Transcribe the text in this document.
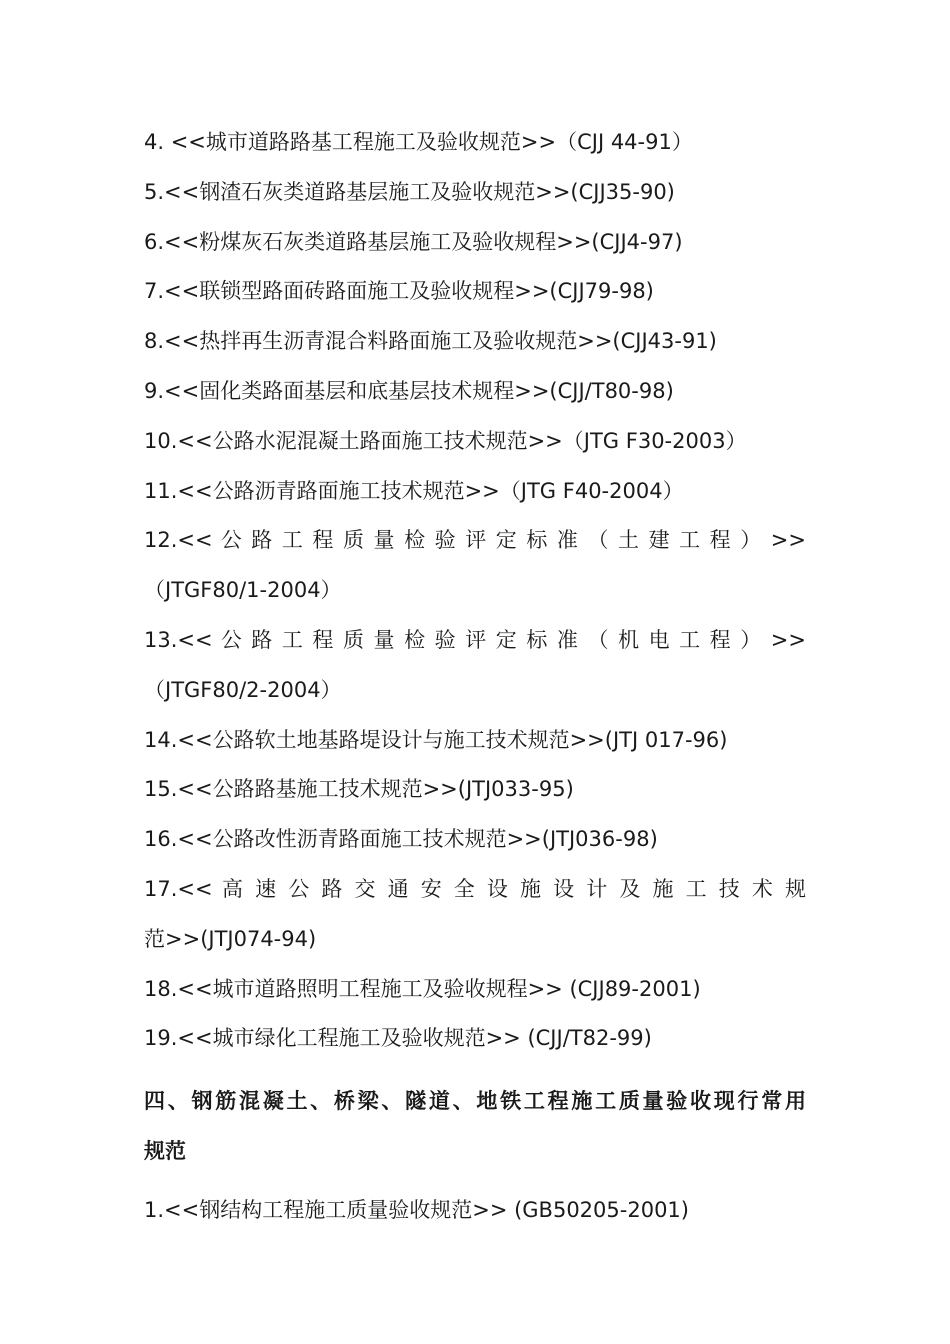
4. <<城市道路路基工程施工及验收规范>>（CJJ 44-91）
5.<<钢渣石灰类道路基层施工及验收规范>>(CJJ35-90)
6.<<粉煤灰石灰类道路基层施工及验收规程>>(CJJ4-97)
7.<<联锁型路面砖路面施工及验收规程>>(CJJ79-98)
8.<<热拌再生沥青混合料路面施工及验收规范>>(CJJ43-91)
9.<<固化类路面基层和底基层技术规程>>(CJJ/T80-98)
10.<<公路水泥混凝土路面施工技术规范>>（JTG F30-2003）
11.<<公路沥青路面施工技术规范>>（JTG F40-2004）
12.<< 公 路 工 程 质 量 检 验 评 定 标 准 （ 土 建 工 程 ） >>
（JTGF80/1-2004）
13.<< 公 路 工 程 质 量 检 验 评 定 标 准 （ 机 电 工 程 ） >>
（JTGF80/2-2004）
14.<<公路软土地基路堤设计与施工技术规范>>(JTJ 017-96)
15.<<公路路基施工技术规范>>(JTJ033-95)
16.<<公路改性沥青路面施工技术规范>>(JTJ036-98)
17.<< 高 速 公 路 交 通 安 全 设 施 设 计 及 施 工 技 术 规
范>>(JTJ074-94)
18.<<城市道路照明工程施工及验收规程>> (CJJ89-2001)
19.<<城市绿化工程施工及验收规范>> (CJJ/T82-99)
四、钢筋混凝土、桥梁、隧道、地铁工程施工质量验收现行常用
规范
1.<<钢结构工程施工质量验收规范>> (GB50205-2001)
